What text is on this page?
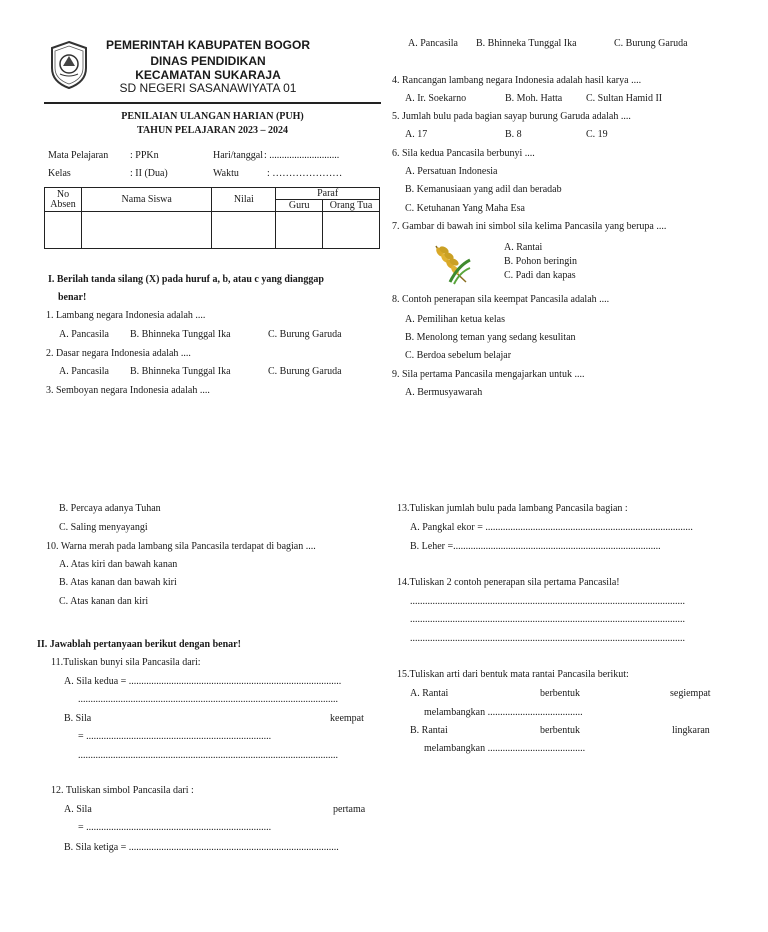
PEMERINTAH KABUPATEN BOGOR
DINAS PENDIDIKAN
KECAMATAN SUKARAJA
SD NEGERI SASANAWIYATA 01
PENILAIAN ULANGAN HARIAN (PUH)
TAHUN PELAJARAN 2023 – 2024
Mata Pelajaran : PPKn	Hari/tanggal : ............................
Kelas	: II (Dua)	Waktu	: …………………
No
Absen	Nama Siswa	Nilai	Paraf	
			Guru	Orang Tua

I. Berilah tanda silang (X) pada huruf a, b, atau c yang dianggap
benar!
1. Lambang negara Indonesia adalah ....
A. Pancasila B. Bhinneka Tunggal Ika	C. Burung Garuda
2. Dasar negara Indonesia adalah ....
A. Pancasila B. Bhinneka Tunggal Ika	C. Burung Garuda
3. Semboyan negara Indonesia adalah ....
A. Pancasila B. Bhinneka Tunggal Ika	C. Burung Garuda
4. Rancangan lambang negara Indonesia adalah hasil karya ....
A. Ir. Soekarno	B. Moh. Hatta C. Sultan Hamid II
5. Jumlah bulu pada bagian sayap burung Garuda adalah ....
A. 17	B. 8	C. 19
6. Sila kedua Pancasila berbunyi ....
A. Persatuan Indonesia
B. Kemanusiaan yang adil dan beradab
C. Ketuhanan Yang Maha Esa
7. Gambar di bawah ini simbol sila kelima Pancasila yang berupa ....
A. Rantai
B. Pohon beringin
C. Padi dan kapas
8. Contoh penerapan sila keempat Pancasila adalah ....
A. Pemilihan ketua kelas
B. Menolong teman yang sedang kesulitan
C. Berdoa sebelum belajar
9. Sila pertama Pancasila mengajarkan untuk ....
A. Bermusyawarah
B. Percaya adanya Tuhan
C. Saling menyayangi
10. Warna merah pada lambang sila Pancasila terdapat di bagian ....
A. Atas kiri dan bawah kanan
B. Atas kanan dan bawah kiri
C. Atas kanan dan kiri
II. Jawablah pertanyaan berikut dengan benar!
11.Tuliskan bunyi sila Pancasila dari:
A. Sila kedua = .....................................................................................
........................................................................................................
B. Sila	keempat
= ..........................................................................
........................................................................................................
12. Tuliskan simbol Pancasila dari :
A. Sila	pertama
= ..........................................................................
B. Sila ketiga = ....................................................................................
13.Tuliskan jumlah bulu pada lambang Pancasila bagian :
A. Pangkal ekor = ...................................................................................
B. Leher =...................................................................................
14.Tuliskan 2 contoh penerapan sila pertama Pancasila!
..............................................................................................................
..............................................................................................................
..............................................................................................................
15.Tuliskan arti dari bentuk mata rantai Pancasila berikut:
A. Rantai	berbentuk	segiempat
melambangkan ......................................
B. Rantai	berbentuk	lingkaran
melambangkan .......................................
